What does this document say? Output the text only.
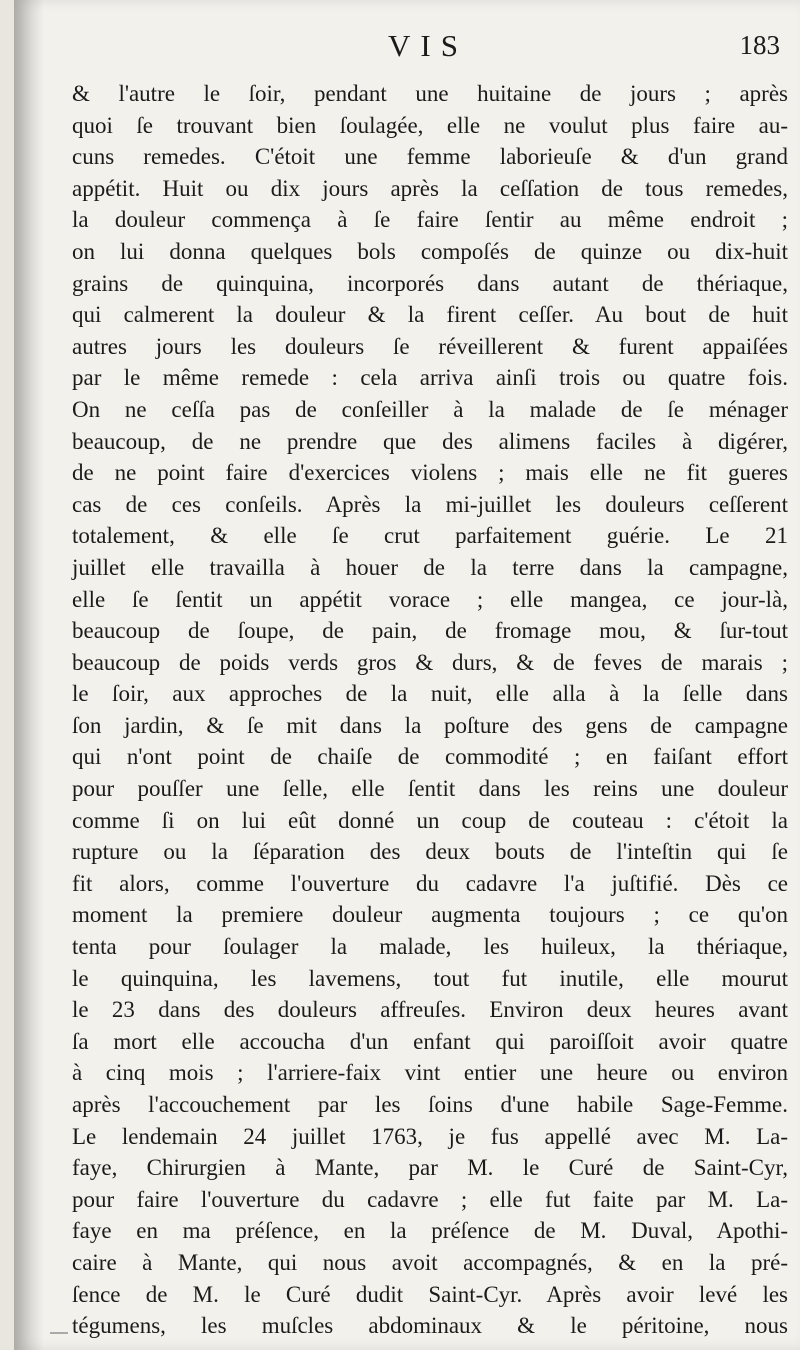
VIS	183
& l'autre le ſoir, pendant une huitaine de jours ; après
quoi ſe trouvant bien ſoulagée, elle ne voulut plus faire au-
cuns remedes. C'étoit une femme laborieuſe & d'un grand
appétit. Huit ou dix jours après la ceſſation de tous remedes,
la douleur commença à ſe faire ſentir au même endroit ;
on lui donna quelques bols compoſés de quinze ou dix-huit
grains de quinquina, incorporés dans autant de thériaque,
qui calmerent la douleur & la firent ceſſer. Au bout de huit
autres jours les douleurs ſe réveillerent & furent appaiſées
par le même remede : cela arriva ainſi trois ou quatre fois.
On ne ceſſa pas de conſeiller à la malade de ſe ménager
beaucoup, de ne prendre que des alimens faciles à digérer,
de ne point faire d'exercices violens ; mais elle ne fit gueres
cas de ces conſeils. Après la mi-juillet les douleurs ceſſerent
totalement, & elle ſe crut parfaitement guérie. Le 21
juillet elle travailla à houer de la terre dans la campagne,
elle ſe ſentit un appétit vorace ; elle mangea, ce jour-là,
beaucoup de ſoupe, de pain, de fromage mou, & ſur-tout
beaucoup de poids verds gros & durs, & de feves de marais ;
le ſoir, aux approches de la nuit, elle alla à la ſelle dans
ſon jardin, & ſe mit dans la poſture des gens de campagne
qui n'ont point de chaiſe de commodité ; en faiſant effort
pour pouſſer une ſelle, elle ſentit dans les reins une douleur
comme ſi on lui eût donné un coup de couteau : c'étoit la
rupture ou la ſéparation des deux bouts de l'inteſtin qui ſe
fit alors, comme l'ouverture du cadavre l'a juſtifié. Dès ce
moment la premiere douleur augmenta toujours ; ce qu'on
tenta pour ſoulager la malade, les huileux, la thériaque,
le quinquina, les lavemens, tout fut inutile, elle mourut
le 23 dans des douleurs affreuſes. Environ deux heures avant
ſa mort elle accoucha d'un enfant qui paroiſſoit avoir quatre
à cinq mois ; l'arriere-faix vint entier une heure ou environ
après l'accouchement par les ſoins d'une habile Sage-Femme.
Le lendemain 24 juillet 1763, je fus appellé avec M. La-
faye, Chirurgien à Mante, par M. le Curé de Saint-Cyr,
pour faire l'ouverture du cadavre ; elle fut faite par M. La-
faye en ma préſence, en la préſence de M. Duval, Apothi-
caire à Mante, qui nous avoit accompagnés, & en la pré-
ſence de M. le Curé dudit Saint-Cyr. Après avoir levé les
tégumens, les muſcles abdominaux & le péritoine, nous
